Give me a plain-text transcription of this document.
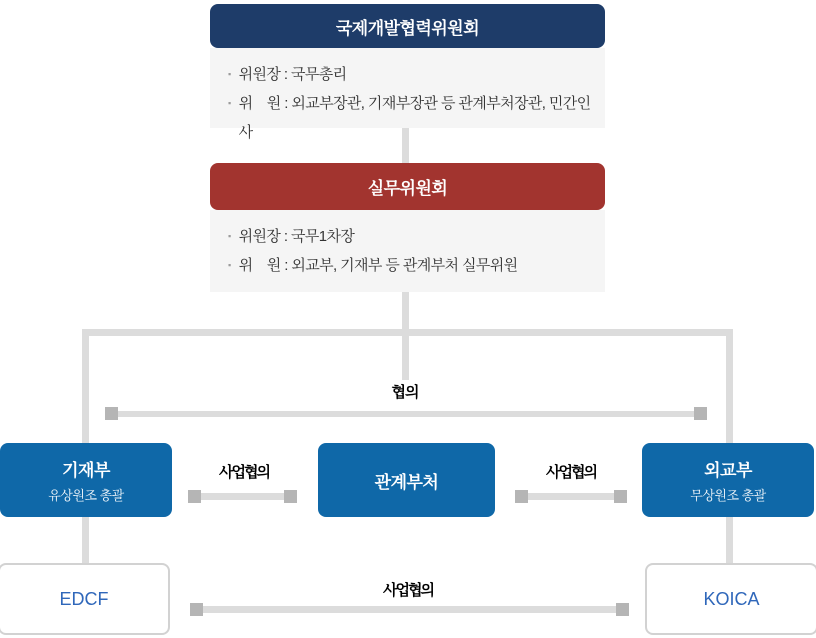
국제개발협력위원회
▪ 위원장 : 국무총리
▪ 위    원 : 외교부장관, 기재부장관 등 관계부처장관, 민간인사
실무위원회
▪ 위원장 : 국무1차장
▪ 위    원 : 외교부, 기재부 등 관계부처 실무위원
협의
기재부
유상원조 총괄
관계부처
외교부
무상원조 총괄
사업협의	사업협의
EDCF	KOICA
사업협의
